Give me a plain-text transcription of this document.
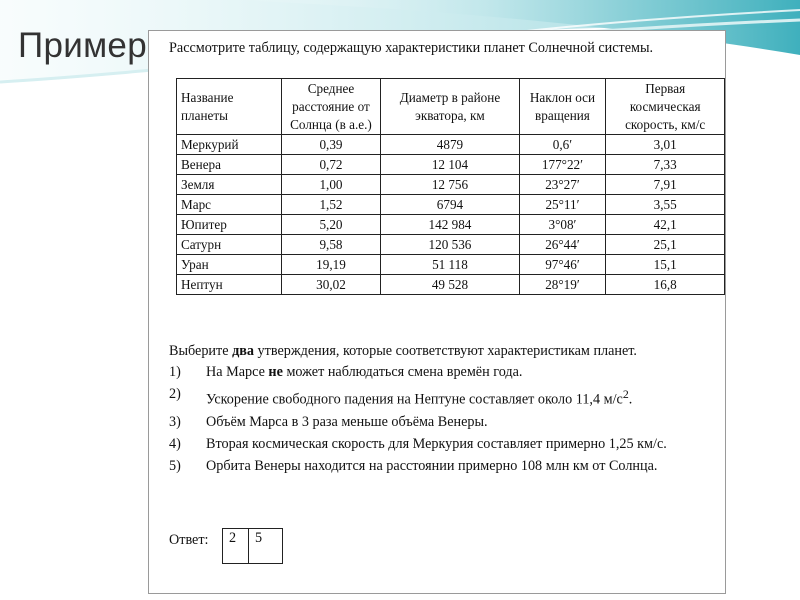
Пример Рассмотрите таблицу, содержащую характеристики планет Солнечной системы.
Название планеты	Среднее расстояние от Солнца (в а.е.)	Диаметр в районе экватора, км	Наклон оси вращения	Первая космическая скорость, км/с
Меркурий	0,39	4879	0,6′	3,01
Венера	0,72	12 104	177°22′	7,33
Земля	1,00	12 756	23°27′	7,91
Марс	1,52	6794	25°11′	3,55
Юпитер	5,20	142 984	3°08′	42,1
Сатурн	9,58	120 536	26°44′	25,1
Уран	19,19	51 118	97°46′	15,1
Нептун	30,02	49 528	28°19′	16,8
Выберите два утверждения, которые соответствуют характеристикам планет.
1)	На Марсе не может наблюдаться смена времён года.
2)	Ускорение свободного падения на Нептуне составляет около 11,4 $м/с^2$.
3)	Объём Марса в 3 раза меньше объёма Венеры.
4)	Вторая космическая скорость для Меркурия составляет примерно 1,25 км/с.
5)	Орбита Венеры находится на расстоянии примерно 108 млн км от Солнца.
Ответ:	2	5
